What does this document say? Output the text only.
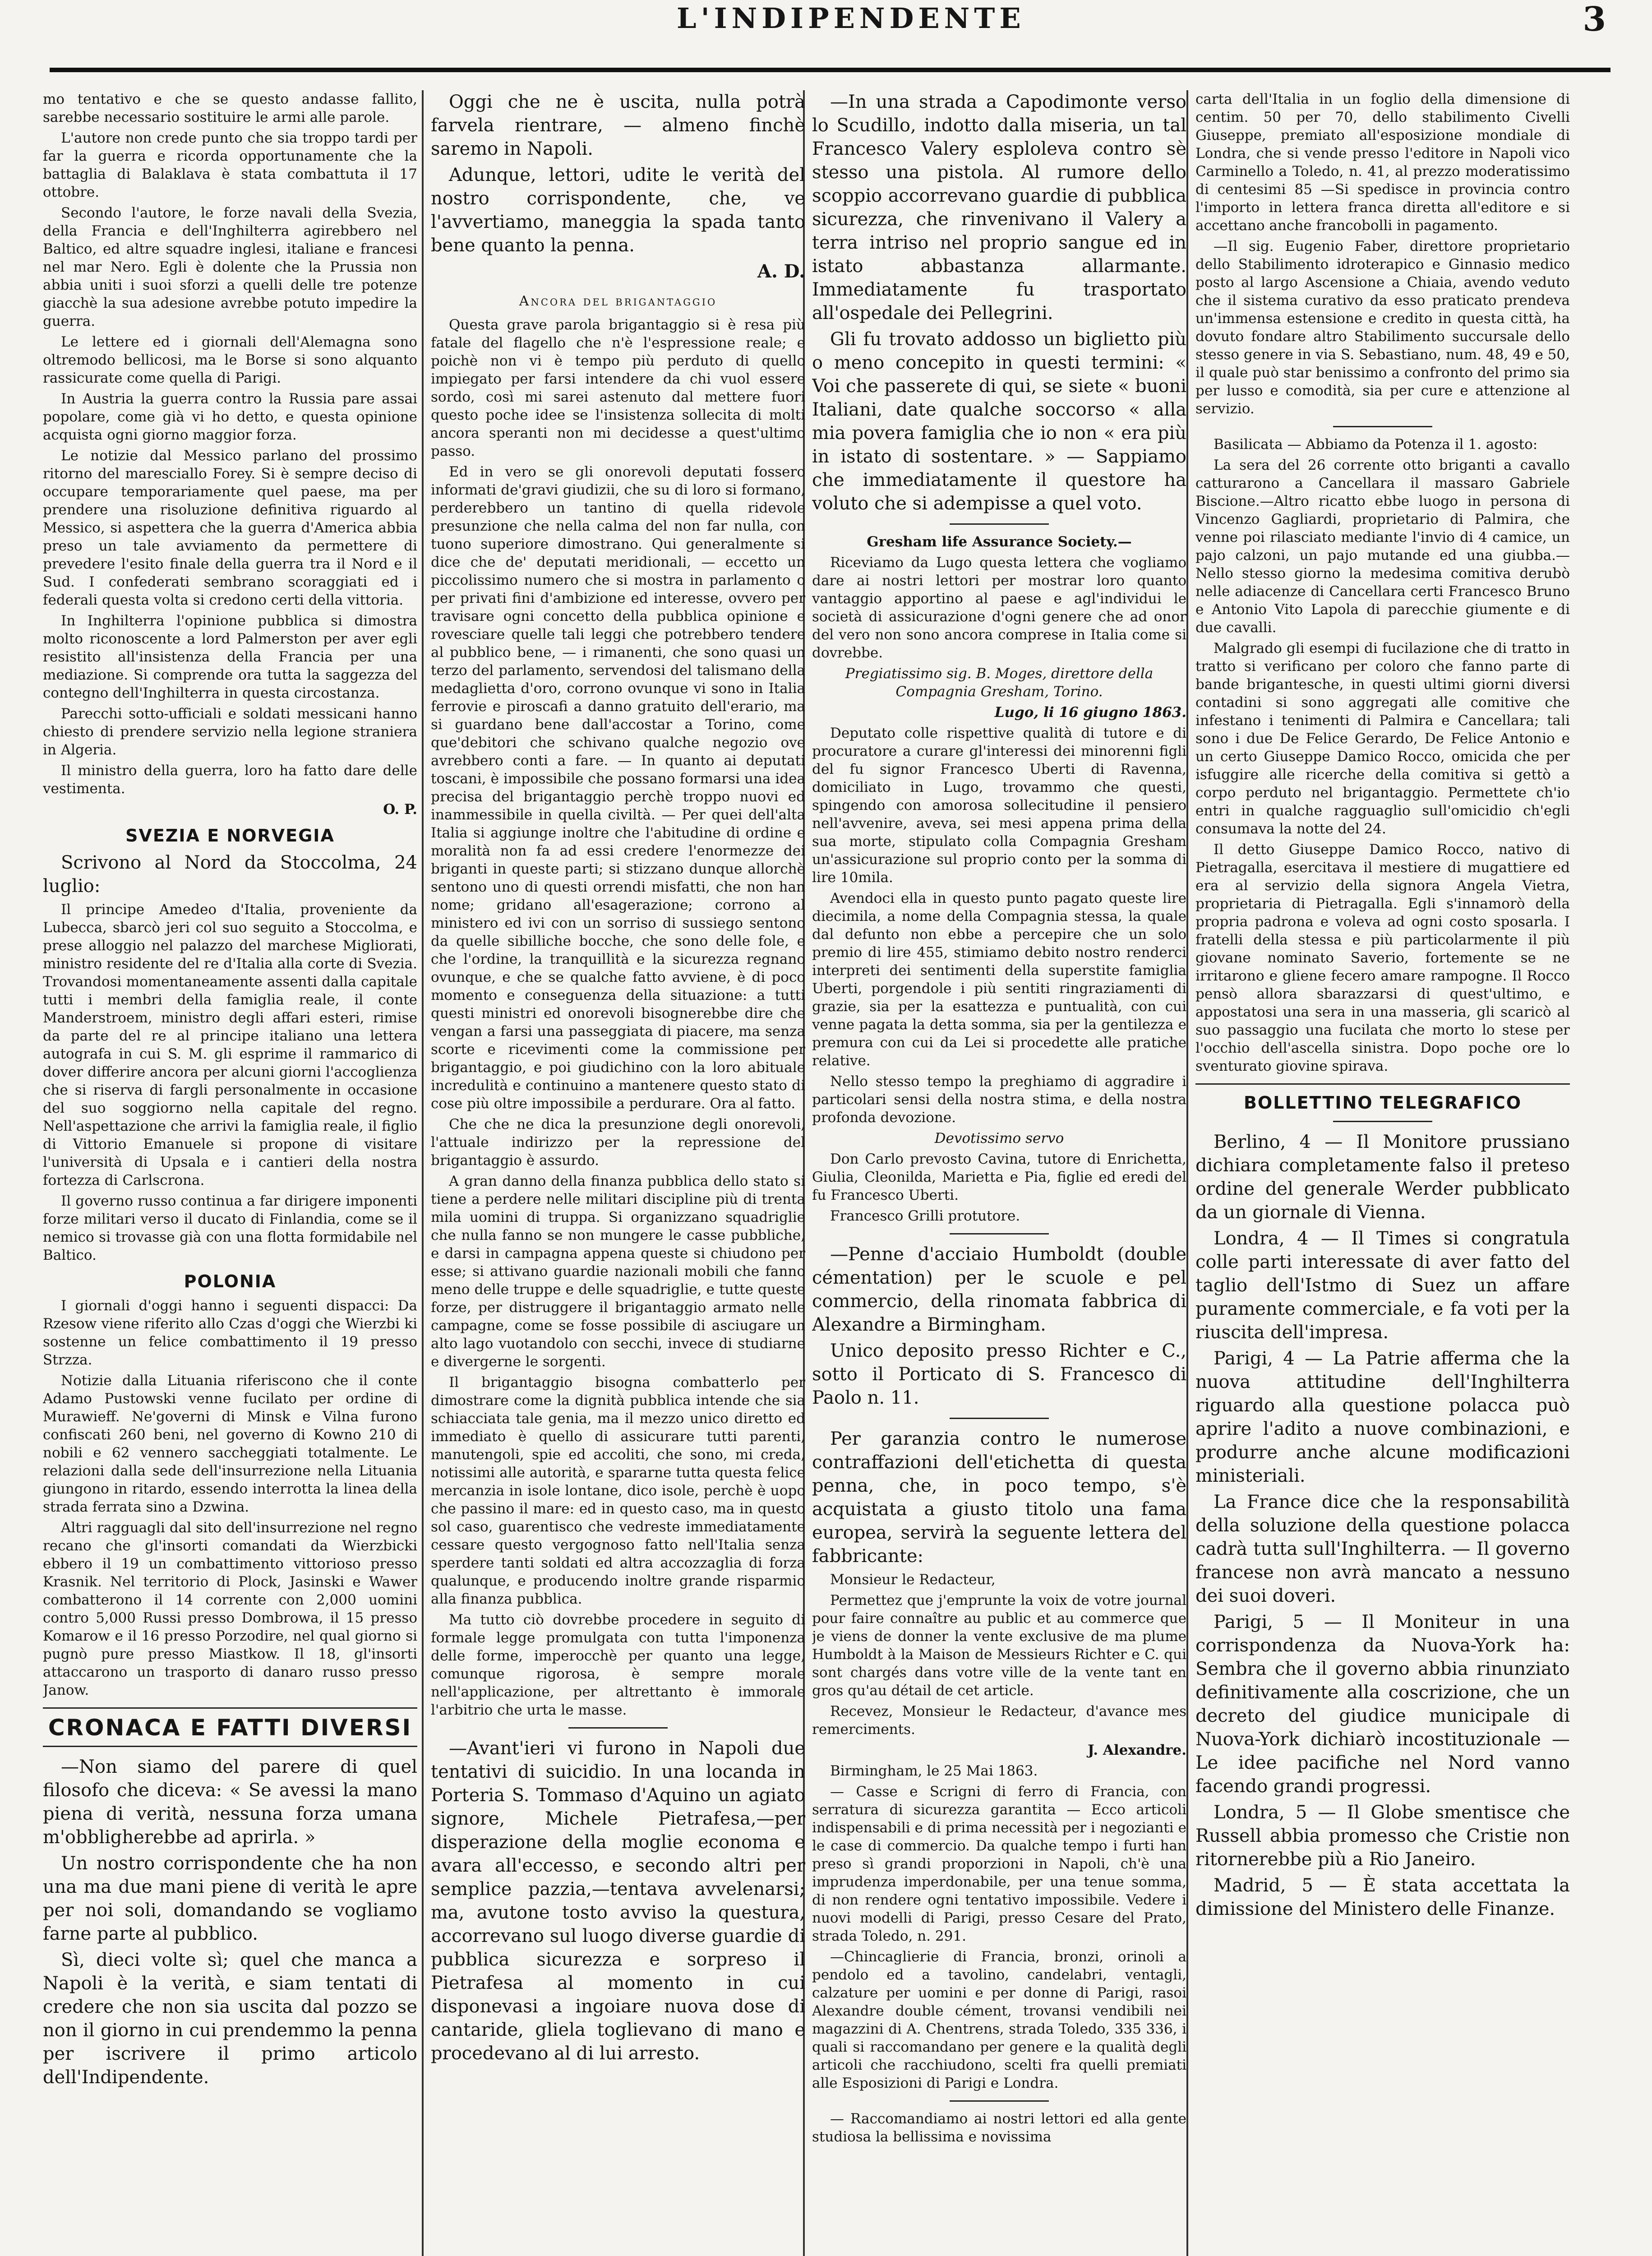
L'INDIPENDENTE	3

mo tentativo e che se questo andasse fallito, sarebbe necessario sostituire le armi alle parole.

L'autore non crede punto che sia troppo tardi per far la guerra e ricorda opportunamente che la battaglia di Balaklava è stata combattuta il 17 ottobre.

Secondo l'autore, le forze navali della Svezia, della Francia e dell'Inghilterra agirebbero nel Baltico, ed altre squadre inglesi, italiane e francesi nel mar Nero. Egli è dolente che la Prussia non abbia uniti i suoi sforzi a quelli delle tre potenze giacchè la sua adesione avrebbe potuto impedire la guerra.

Le lettere ed i giornali dell'Alemagna sono oltremodo bellicosi, ma le Borse si sono alquanto rassicurate come quella di Parigi.

In Austria la guerra contro la Russia pare assai popolare, come già vi ho detto, e questa opinione acquista ogni giorno maggior forza.

Le notizie dal Messico parlano del prossimo ritorno del maresciallo Forey. Si è sempre deciso di occupare temporariamente quel paese, ma per prendere una risoluzione definitiva riguardo al Messico, si aspettera che la guerra d'America abbia preso un tale avviamento da permettere di prevedere l'esito finale della guerra tra il Nord e il Sud. I confederati sembrano scoraggiati ed i federali questa volta si credono certi della vittoria.

In Inghilterra l'opinione pubblica si dimostra molto riconoscente a lord Palmerston per aver egli resistito all'insistenza della Francia per una mediazione. Si comprende ora tutta la saggezza del contegno dell'Inghilterra in questa circostanza.

Parecchi sotto-ufficiali e soldati messicani hanno chiesto di prendere servizio nella legione straniera in Algeria.

Il ministro della guerra, loro ha fatto dare delle vestimenta.

O. P.

SVEZIA E NORVEGIA

Scrivono al Nord da Stoccolma, 24 luglio:

Il principe Amedeo d'Italia, proveniente da Lubecca, sbarcò jeri col suo seguito a Stoccolma, e prese alloggio nel palazzo del marchese Migliorati, ministro residente del re d'Italia alla corte di Svezia. Trovandosi momentaneamente assenti dalla capitale tutti i membri della famiglia reale, il conte Manderstroem, ministro degli affari esteri, rimise da parte del re al principe italiano una lettera autografa in cui S. M. gli esprime il rammarico di dover differire ancora per alcuni giorni l'accoglienza che si riserva di fargli personalmente in occasione del suo soggiorno nella capitale del regno. Nell'aspettazione che arrivi la famiglia reale, il figlio di Vittorio Emanuele si propone di visitare l'università di Upsala e i cantieri della nostra fortezza di Carlscrona.

Il governo russo continua a far dirigere imponenti forze militari verso il ducato di Finlandia, come se il nemico si trovasse già con una flotta formidabile nel Baltico.

POLONIA

I giornali d'oggi hanno i seguenti dispacci: Da Rzesow viene riferito allo Czas d'oggi che Wierzbi ki sostenne un felice combattimento il 19 presso Strzza.

Notizie dalla Lituania riferiscono che il conte Adamo Pustowski venne fucilato per ordine di Murawieff. Ne'governi di Minsk e Vilna furono confiscati 260 beni, nel governo di Kowno 210 di nobili e 62 vennero saccheggiati totalmente. Le relazioni dalla sede dell'insurrezione nella Lituania giungono in ritardo, essendo interrotta la linea della strada ferrata sino a Dzwina.

Altri ragguagli dal sito dell'insurrezione nel regno recano che gl'insorti comandati da Wierzbicki ebbero il 19 un combattimento vittorioso presso Krasnik. Nel territorio di Plock, Jasinski e Wawer combatterono il 14 corrente con 2,000 uomini contro 5,000 Russi presso Dombrowa, il 15 presso Komarow e il 16 presso Porzodire, nel qual giorno si pugnò pure presso Miastkow. Il 18, gl'insorti attaccarono un trasporto di danaro russo presso Janow.

CRONACA E FATTI DIVERSI

—Non siamo del parere di quel filosofo che diceva: « Se avessi la mano piena di verità, nessuna forza umana m'obbligherebbe ad aprirla. »

Un nostro corrispondente che ha non una ma due mani piene di verità le apre per noi soli, domandando se vogliamo farne parte al pubblico.

Sì, dieci volte sì; quel che manca a Napoli è la verità, e siam tentati di credere che non sia uscita dal pozzo se non il giorno in cui prendemmo la penna per iscrivere il primo articolo dell'Indipendente.

Oggi che ne è uscita, nulla potrà farvela rientrare, — almeno finchè saremo in Napoli.

Adunque, lettori, udite le verità del nostro corrispondente, che, ve l'avvertiamo, maneggia la spada tanto bene quanto la penna.

A. D.

Ancora del brigantaggio

Questa grave parola brigantaggio si è resa più fatale del flagello che n'è l'espressione reale; e poichè non vi è tempo più perduto di quello impiegato per farsi intendere da chi vuol essere sordo, così mi sarei astenuto dal mettere fuori questo poche idee se l'insistenza sollecita di molti ancora speranti non mi decidesse a quest'ultimo passo.

Ed in vero se gli onorevoli deputati fossero informati de'gravi giudizii, che su di loro si formano, perderebbero un tantino di quella ridevole presunzione che nella calma del non far nulla, con tuono superiore dimostrano. Qui generalmente si dice che de' deputati meridionali, — eccetto un piccolissimo numero che si mostra in parlamento o per privati fini d'ambizione ed interesse, ovvero per travisare ogni concetto della pubblica opinione e rovesciare quelle tali leggi che potrebbero tendere al pubblico bene, — i rimanenti, che sono quasi un terzo del parlamento, servendosi del talismano della medaglietta d'oro, corrono ovunque vi sono in Italia ferrovie e piroscafi a danno gratuito dell'erario, ma si guardano bene dall'accostar a Torino, come que'debitori che schivano qualche negozio ove avrebbero conti a fare. — In quanto ai deputati toscani, è impossibile che possano formarsi una idea precisa del brigantaggio perchè troppo nuovi ed inammessibile in quella civiltà. — Per quei dell'alta Italia si aggiunge inoltre che l'abitudine di ordine e moralità non fa ad essi credere l'enormezze dei briganti in queste parti; si stizzano dunque allorchè sentono uno di questi orrendi misfatti, che non han nome; gridano all'esagerazione; corrono al ministero ed ivi con un sorriso di sussiego sentono da quelle sibilliche bocche, che sono delle fole, e che l'ordine, la tranquillità e la sicurezza regnano ovunque, e che se qualche fatto avviene, è di poco momento e conseguenza della situazione: a tutti questi ministri ed onorevoli bisognerebbe dire che vengan a farsi una passeggiata di piacere, ma senza scorte e ricevimenti come la commissione per brigantaggio, e poi giudichino con la loro abituale incredulità e continuino a mantenere questo stato di cose più oltre impossibile a perdurare. Ora al fatto.

Che che ne dica la presunzione degli onorevoli, l'attuale indirizzo per la repressione del brigantaggio è assurdo.

A gran danno della finanza pubblica dello stato si tiene a perdere nelle militari discipline più di trenta mila uomini di truppa. Si organizzano squadriglie che nulla fanno se non mungere le casse pubbliche, e darsi in campagna appena queste si chiudono per esse; si attivano guardie nazionali mobili che fanno meno delle truppe e delle squadriglie, e tutte queste forze, per distruggere il brigantaggio armato nelle campagne, come se fosse possibile di asciugare un alto lago vuotandolo con secchi, invece di studiarne e divergerne le sorgenti.

Il brigantaggio bisogna combatterlo per dimostrare come la dignità pubblica intende che sia schiacciata tale genia, ma il mezzo unico diretto ed immediato è quello di assicurare tutti parenti, manutengoli, spie ed accoliti, che sono, mi creda, notissimi alle autorità, e spararne tutta questa felice mercanzia in isole lontane, dico isole, perchè è uopo che passino il mare: ed in questo caso, ma in questo sol caso, guarentisco che vedreste immediatamente cessare questo vergognoso fatto nell'Italia senza sperdere tanti soldati ed altra accozzaglia di forza qualunque, e producendo inoltre grande risparmio alla finanza pubblica.

Ma tutto ciò dovrebbe procedere in seguito di formale legge promulgata con tutta l'imponenza delle forme, imperocchè per quanto una legge, comunque rigorosa, è sempre morale nell'applicazione, per altrettanto è immorale l'arbitrio che urta le masse.

—Avant'ieri vi furono in Napoli due tentativi di suicidio. In una locanda in Porteria S. Tommaso d'Aquino un agiato signore, Michele Pietrafesa,—per disperazione della moglie economa e avara all'eccesso, e secondo altri per semplice pazzia,—tentava avvelenarsi; ma, avutone tosto avviso la questura, accorrevano sul luogo diverse guardie di pubblica sicurezza e sorpreso il Pietrafesa al momento in cui disponevasi a ingoiare nuova dose di cantaride, gliela toglievano di mano e procedevano al di lui arresto.

—In una strada a Capodimonte verso lo Scudillo, indotto dalla miseria, un tal Francesco Valery esploleva contro sè stesso una pistola. Al rumore dello scoppio accorrevano guardie di pubblica sicurezza, che rinvenivano il Valery a terra intriso nel proprio sangue ed in istato abbastanza allarmante. Immediatamente fu trasportato all'ospedale dei Pellegrini.

Gli fu trovato addosso un biglietto più o meno concepito in questi termini: « Voi che passerete di qui, se siete « buoni Italiani, date qualche soccorso « alla mia povera famiglia che io non « era più in istato di sostentare. » — Sappiamo che immediatamente il questore ha voluto che si adempisse a quel voto.

Gresham life Assurance Society.—

Riceviamo da Lugo questa lettera che vogliamo dare ai nostri lettori per mostrar loro quanto vantaggio apportino al paese e agl'individui le società di assicurazione d'ogni genere che ad onor del vero non sono ancora comprese in Italia come si dovrebbe.

Pregiatissimo sig. B. Moges, direttore della Compagnia Gresham, Torino.

Lugo, li 16 giugno 1863.

Deputato colle rispettive qualità di tutore e di procuratore a curare gl'interessi dei minorenni figli del fu signor Francesco Uberti di Ravenna, domiciliato in Lugo, trovammo che questi, spingendo con amorosa sollecitudine il pensiero nell'avvenire, aveva, sei mesi appena prima della sua morte, stipulato colla Compagnia Gresham un'assicurazione sul proprio conto per la somma di lire 10mila.

Avendoci ella in questo punto pagato queste lire diecimila, a nome della Compagnia stessa, la quale dal defunto non ebbe a percepire che un solo premio di lire 455, stimiamo debito nostro renderci interpreti dei sentimenti della superstite famiglia Uberti, porgendole i più sentiti ringraziamenti di grazie, sia per la esattezza e puntualità, con cui venne pagata la detta somma, sia per la gentilezza e premura con cui da Lei si procedette alle pratiche relative.

Nello stesso tempo la preghiamo di aggradire i particolari sensi della nostra stima, e della nostra profonda devozione.

Devotissimo servo

Don Carlo prevosto Cavina, tutore di Enrichetta, Giulia, Cleonilda, Marietta e Pia, figlie ed eredi del fu Francesco Uberti.

Francesco Grilli protutore.

—Penne d'acciaio Humboldt (double cémentation) per le scuole e pel commercio, della rinomata fabbrica di Alexandre a Birmingham.

Unico deposito presso Richter e C., sotto il Porticato di S. Francesco di Paolo n. 11.

Per garanzia contro le numerose contraffazioni dell'etichetta di questa penna, che, in poco tempo, s'è acquistata a giusto titolo una fama europea, servirà la seguente lettera del fabbricante:

Monsieur le Redacteur,

Permettez que j'emprunte la voix de votre journal pour faire connaître au public et au commerce que je viens de donner la vente exclusive de ma plume Humboldt à la Maison de Messieurs Richter e C. qui sont chargés dans votre ville de la vente tant en gros qu'au détail de cet article.

Recevez, Monsieur le Redacteur, d'avance mes remerciments.

J. Alexandre.

Birmingham, le 25 Mai 1863.

— Casse e Scrigni di ferro di Francia, con serratura di sicurezza garantita — Ecco articoli indispensabili e di prima necessità per i negozianti e le case di commercio. Da qualche tempo i furti han preso sì grandi proporzioni in Napoli, ch'è una imprudenza imperdonabile, per una tenue somma, di non rendere ogni tentativo impossibile. Vedere i nuovi modelli di Parigi, presso Cesare del Prato, strada Toledo, n. 291.

—Chincaglierie di Francia, bronzi, orinoli a pendolo ed a tavolino, candelabri, ventagli, calzature per uomini e per donne di Parigi, rasoi Alexandre double cément, trovansi vendibili nei magazzini di A. Chentrens, strada Toledo, 335 336, i quali si raccomandano per genere e la qualità degli articoli che racchiudono, scelti fra quelli premiati alle Esposizioni di Parigi e Londra.

— Raccomandiamo ai nostri lettori ed alla gente studiosa la bellissima e novissima

carta dell'Italia in un foglio della dimensione di centim. 50 per 70, dello stabilimento Civelli Giuseppe, premiato all'esposizione mondiale di Londra, che si vende presso l'editore in Napoli vico Carminello a Toledo, n. 41, al prezzo moderatissimo di centesimi 85 —Si spedisce in provincia contro l'importo in lettera franca diretta all'editore e si accettano anche francobolli in pagamento.

—Il sig. Eugenio Faber, direttore proprietario dello Stabilimento idroterapico e Ginnasio medico posto al largo Ascensione a Chiaia, avendo veduto che il sistema curativo da esso praticato prendeva un'immensa estensione e credito in questa città, ha dovuto fondare altro Stabilimento succursale dello stesso genere in via S. Sebastiano, num. 48, 49 e 50, il quale può star benissimo a confronto del primo sia per lusso e comodità, sia per cure e attenzione al servizio.

Basilicata — Abbiamo da Potenza il 1. agosto:

La sera del 26 corrente otto briganti a cavallo catturarono a Cancellara il massaro Gabriele Biscione.—Altro ricatto ebbe luogo in persona di Vincenzo Gagliardi, proprietario di Palmira, che venne poi rilasciato mediante l'invio di 4 camice, un pajo calzoni, un pajo mutande ed una giubba.—Nello stesso giorno la medesima comitiva derubò nelle adiacenze di Cancellara certi Francesco Bruno e Antonio Vito Lapola di parecchie giumente e di due cavalli.

Malgrado gli esempi di fucilazione che di tratto in tratto si verificano per coloro che fanno parte di bande brigantesche, in questi ultimi giorni diversi contadini si sono aggregati alle comitive che infestano i tenimenti di Palmira e Cancellara; tali sono i due De Felice Gerardo, De Felice Antonio e un certo Giuseppe Damico Rocco, omicida che per isfuggire alle ricerche della comitiva si gettò a corpo perduto nel brigantaggio. Permettete ch'io entri in qualche ragguaglio sull'omicidio ch'egli consumava la notte del 24.

Il detto Giuseppe Damico Rocco, nativo di Pietragalla, esercitava il mestiere di mugattiere ed era al servizio della signora Angela Vietra, proprietaria di Pietragalla. Egli s'innamorò della propria padrona e voleva ad ogni costo sposarla. I fratelli della stessa e più particolarmente il più giovane nominato Saverio, fortemente se ne irritarono e gliene fecero amare rampogne. Il Rocco pensò allora sbarazzarsi di quest'ultimo, e appostatosi una sera in una masseria, gli scaricò al suo passaggio una fucilata che morto lo stese per l'occhio dell'ascella sinistra. Dopo poche ore lo sventurato giovine spirava.

BOLLETTINO TELEGRAFICO

Berlino, 4 — Il Monitore prussiano dichiara completamente falso il preteso ordine del generale Werder pubblicato da un giornale di Vienna.

Londra, 4 — Il Times si congratula colle parti interessate di aver fatto del taglio dell'Istmo di Suez un affare puramente commerciale, e fa voti per la riuscita dell'impresa.

Parigi, 4 — La Patrie afferma che la nuova attitudine dell'Inghilterra riguardo alla questione polacca può aprire l'adito a nuove combinazioni, e produrre anche alcune modificazioni ministeriali.

La France dice che la responsabilità della soluzione della questione polacca cadrà tutta sull'Inghilterra. — Il governo francese non avrà mancato a nessuno dei suoi doveri.

Parigi, 5 — Il Moniteur in una corrispondenza da Nuova-York ha: Sembra che il governo abbia rinunziato definitivamente alla coscrizione, che un decreto del giudice municipale di Nuova-York dichiarò incostituzionale — Le idee pacifiche nel Nord vanno facendo grandi progressi.

Londra, 5 — Il Globe smentisce che Russell abbia promesso che Cristie non ritornerebbe più a Rio Janeiro.

Madrid, 5 — È stata accettata la dimissione del Ministero delle Finanze.
